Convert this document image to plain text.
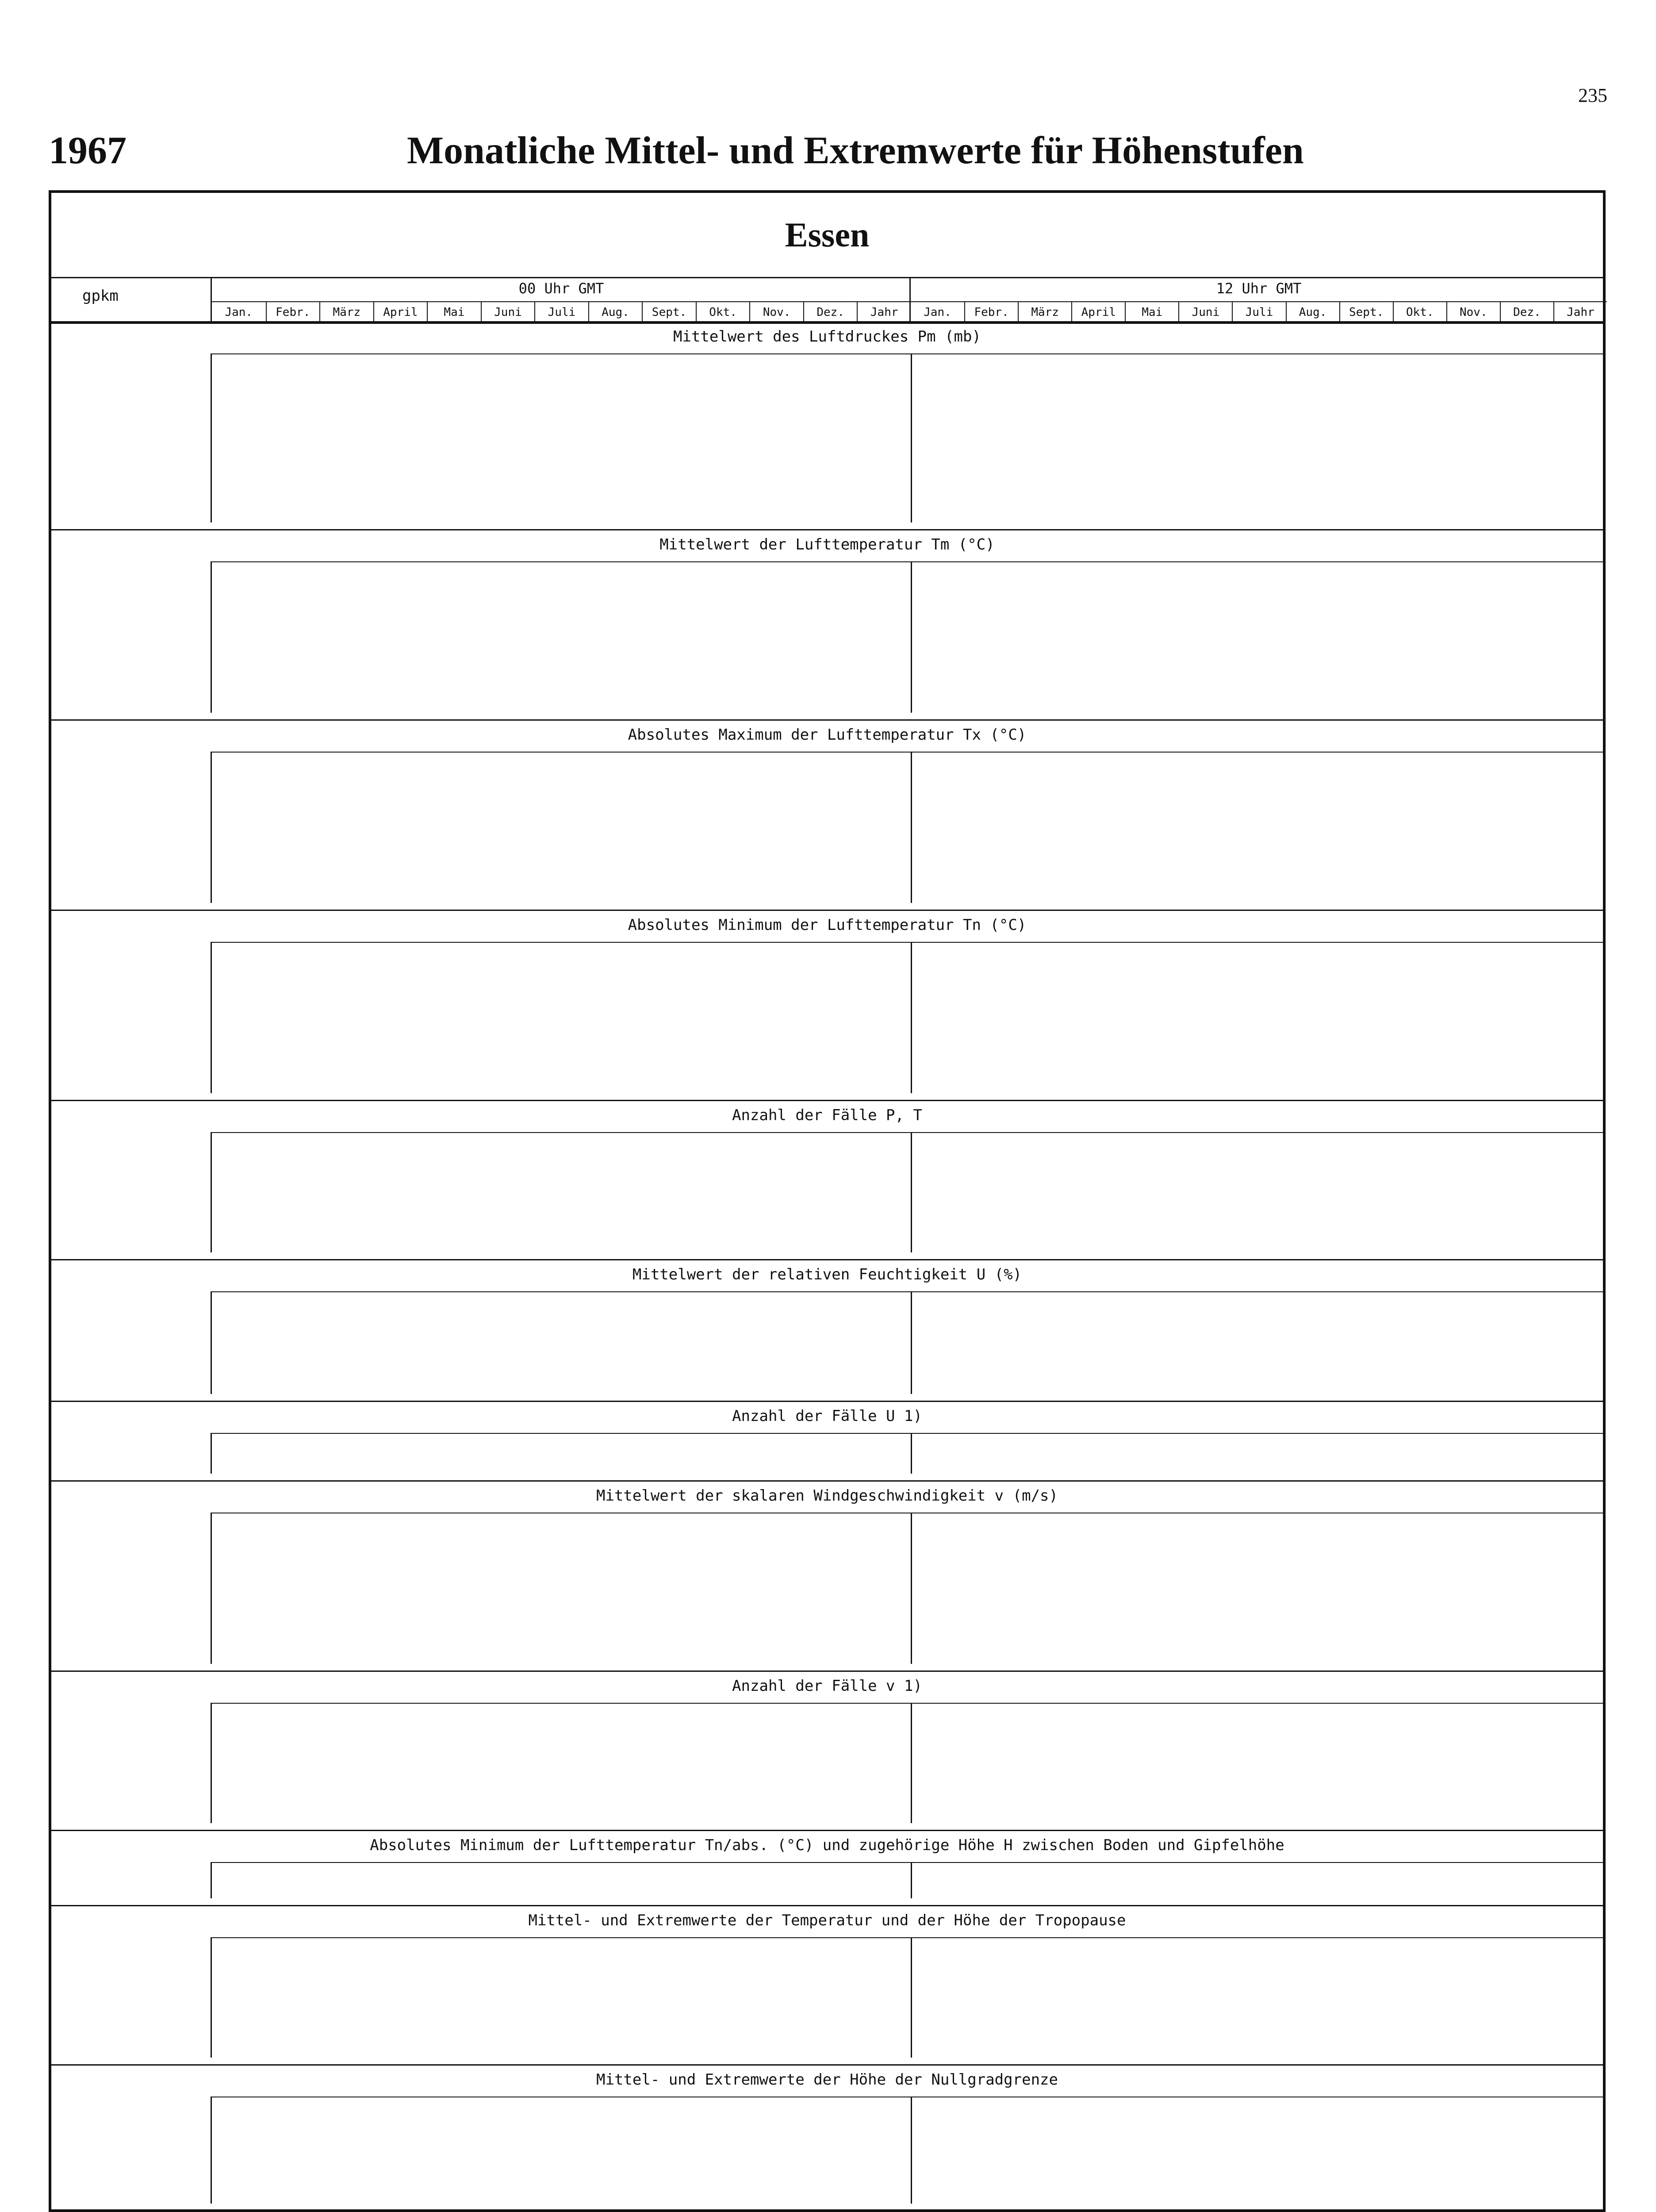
235
1967	Monatliche Mittel- und Extremwerte für Höhenstufen
Essen
gpkm	00 Uhr GMT
Jan.	Febr.	März	April	Mai	Juni	Juli	Aug.	Sept.	Okt.	Nov.	Dez.	Jahr
12 Uhr GMT
Jan.	Febr.	März	April	Mai	Juni	Juli	Aug.	Sept.	Okt.	Nov.	Dez.	Jahr
Mittelwert des Luftdruckes Pm (mb)
Mittelwert der Lufttemperatur Tm (°C)
Absolutes Maximum der Lufttemperatur Tx (°C)
Absolutes Minimum der Lufttemperatur Tn (°C)
Anzahl der Fälle P, T
Mittelwert der relativen Feuchtigkeit U (%)
Anzahl der Fälle U 1)
Mittelwert der skalaren Windgeschwindigkeit v (m/s)
Anzahl der Fälle v 1)
Absolutes Minimum der Lufttemperatur Tn/abs. (°C) und zugehörige Höhe H zwischen Boden und Gipfelhöhe
Mittel- und Extremwerte der Temperatur und der Höhe der Tropopause
Mittel- und Extremwerte der Höhe der Nullgradgrenze
